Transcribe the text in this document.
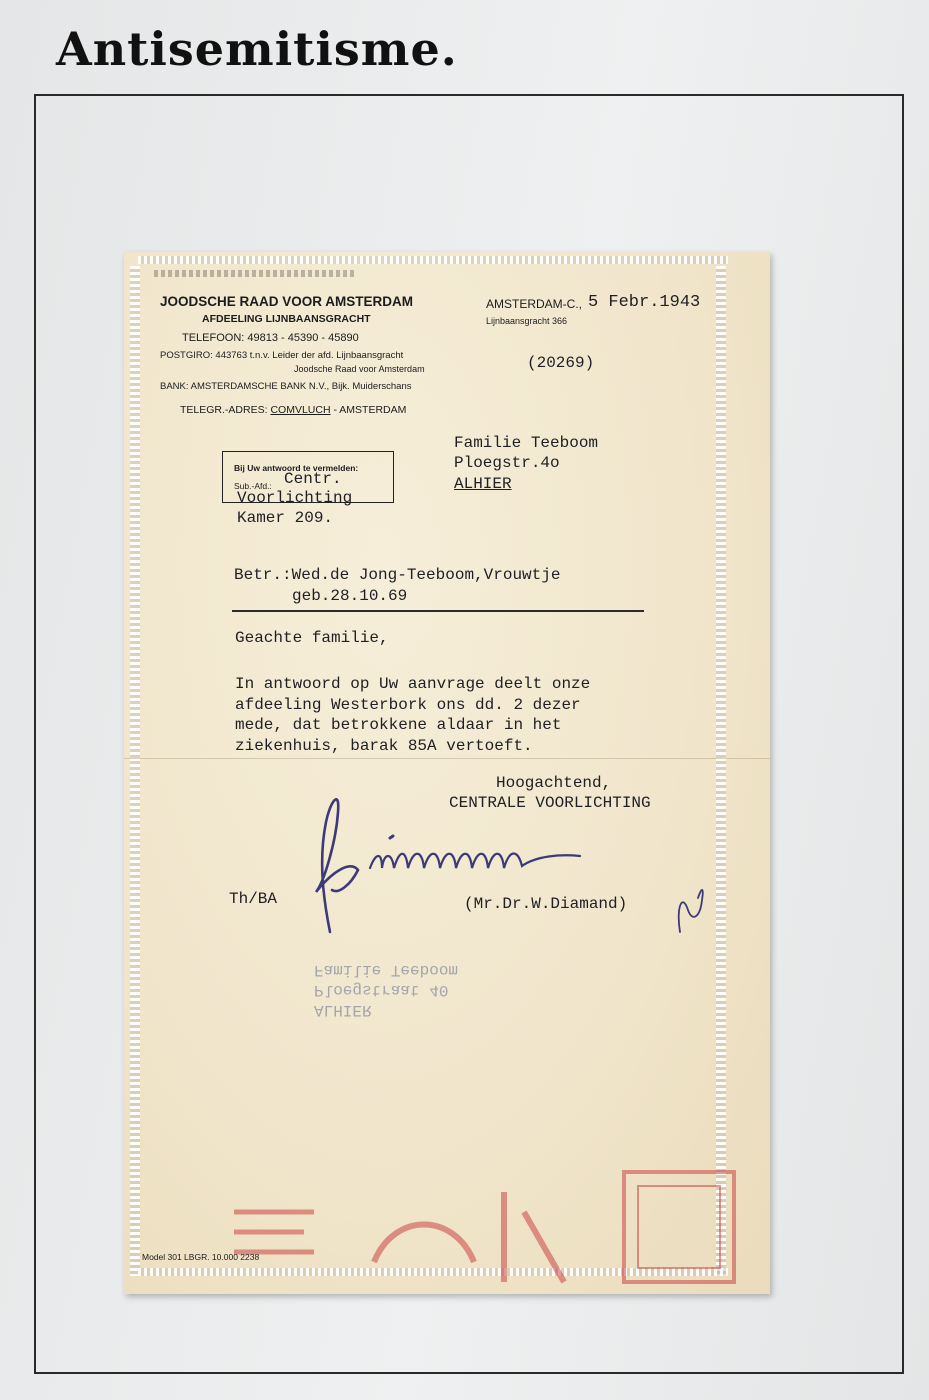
Antisemitisme.

JOODSCHE RAAD VOOR AMSTERDAM

AFDEELING LIJNBAANSGRACHT

TELEFOON: 49813 - 45390 - 45890

POSTGIRO: 443763 t.n.v. Leider der afd. Lijnbaansgracht

Joodsche Raad voor Amsterdam

BANK: AMSTERDAMSCHE BANK N.V., Bijk. Muiderschans

TELEGR.-ADRES: COMVLUCH - AMSTERDAM

AMSTERDAM-C., 5 Febr.1943

Lijnbaansgracht 366

(20269)

Familie Teeboom

Ploegstr.4o

ALHIER

Bij Uw antwoord te vermelden:

Sub.-Afd.: Centr.

Voorlichting

Kamer 209.

Betr.:Wed.de Jong-Teeboom,Vrouwtje

geb.28.10.69

Geachte familie,

In antwoord op Uw aanvrage deelt onze
afdeeling Westerbork ons dd. 2 dezer
mede, dat betrokkene aldaar in het
ziekenhuis, barak 85A vertoeft.

Hoogachtend,

CENTRALE VOORLICHTING

Th/BA	(Mr.Dr.W.Diamand)

ALHIER
Ploegstraat 40
Familie Teeboom

Model 301 LBGR. 10.000 2238
